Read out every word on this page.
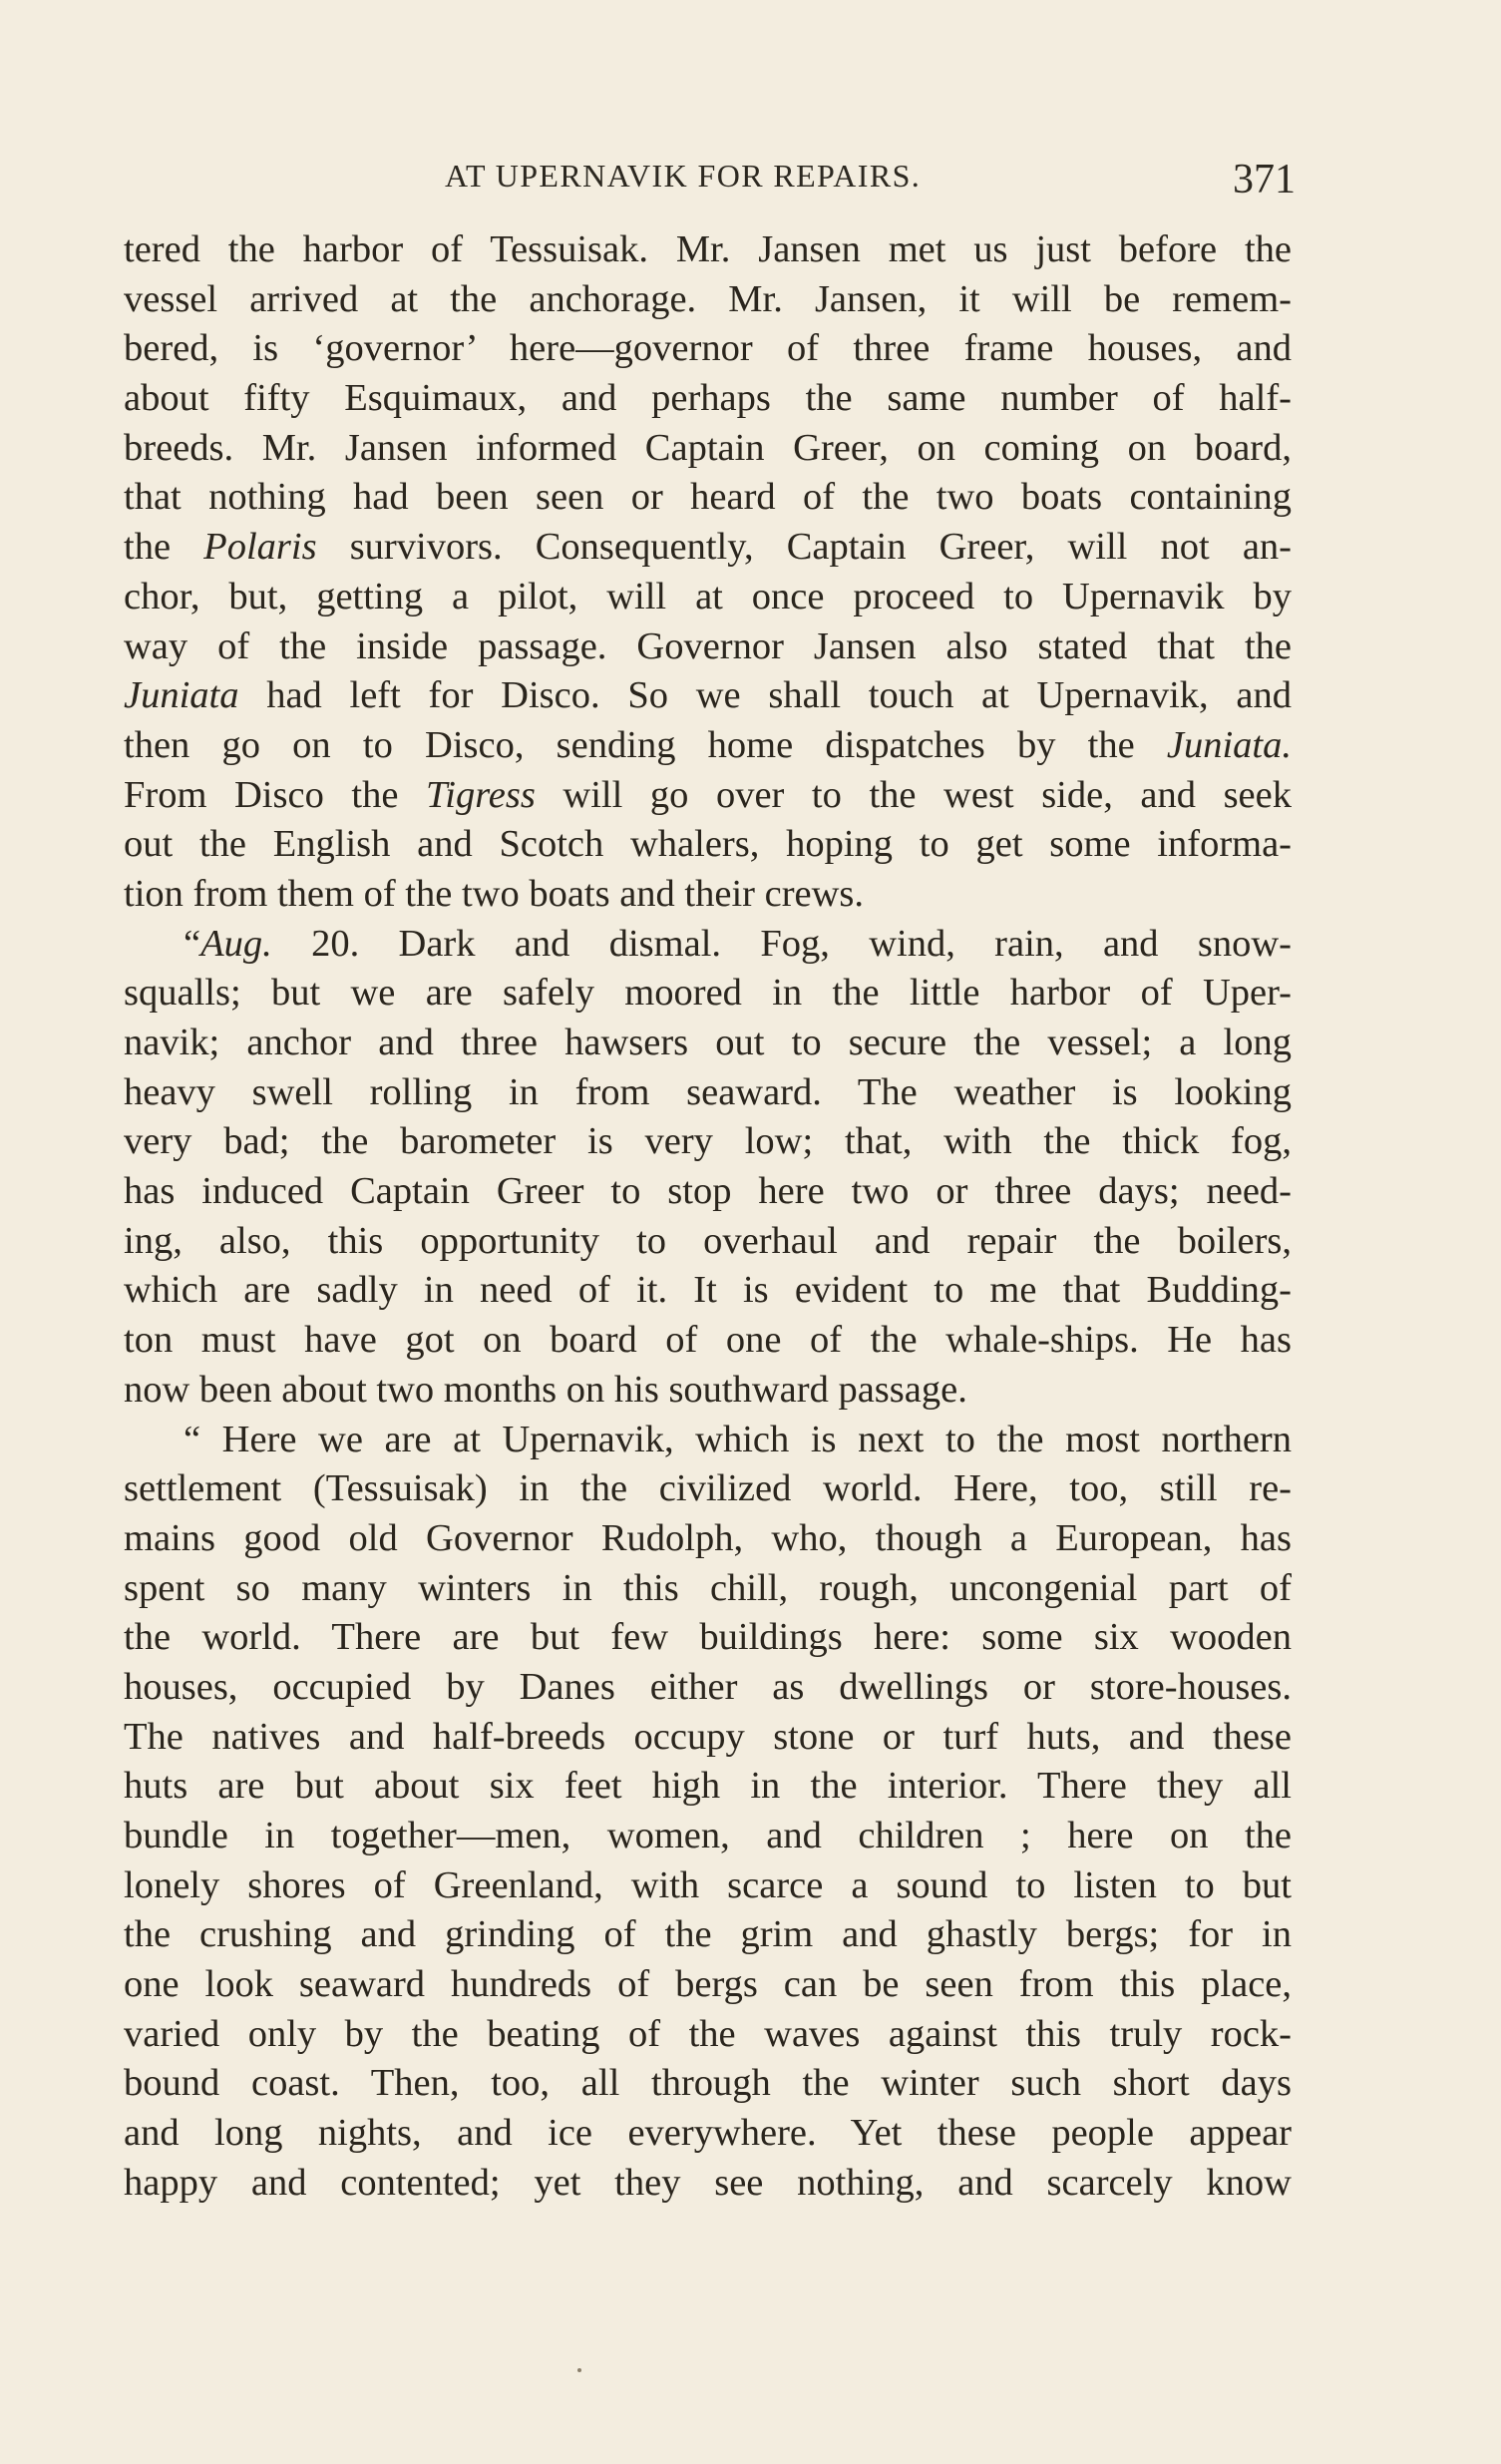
AT UPERNAVIK FOR REPAIRS.	371
tered the harbor of Tessuisak. Mr. Jansen met us just before the
vessel arrived at the anchorage. Mr. Jansen, it will be remem-
bered, is ‘governor’ here—governor of three frame houses, and
about fifty Esquimaux, and perhaps the same number of half-
breeds. Mr. Jansen informed Captain Greer, on coming on board,
that nothing had been seen or heard of the two boats containing
the Polaris survivors. Consequently, Captain Greer, will not an-
chor, but, getting a pilot, will at once proceed to Upernavik by
way of the inside passage. Governor Jansen also stated that the
Juniata had left for Disco. So we shall touch at Upernavik, and
then go on to Disco, sending home dispatches by the Juniata.
From Disco the Tigress will go over to the west side, and seek
out the English and Scotch whalers, hoping to get some informa-
tion from them of the two boats and their crews.
“Aug. 20. Dark and dismal. Fog, wind, rain, and snow-
squalls; but we are safely moored in the little harbor of Uper-
navik; anchor and three hawsers out to secure the vessel; a long
heavy swell rolling in from seaward. The weather is looking
very bad; the barometer is very low; that, with the thick fog,
has induced Captain Greer to stop here two or three days; need-
ing, also, this opportunity to overhaul and repair the boilers,
which are sadly in need of it. It is evident to me that Budding-
ton must have got on board of one of the whale-ships. He has
now been about two months on his southward passage.
“ Here we are at Upernavik, which is next to the most northern
settlement (Tessuisak) in the civilized world. Here, too, still re-
mains good old Governor Rudolph, who, though a European, has
spent so many winters in this chill, rough, uncongenial part of
the world. There are but few buildings here: some six wooden
houses, occupied by Danes either as dwellings or store-houses.
The natives and half-breeds occupy stone or turf huts, and these
huts are but about six feet high in the interior. There they all
bundle in together—men, women, and children ; here on the
lonely shores of Greenland, with scarce a sound to listen to but
the crushing and grinding of the grim and ghastly bergs; for in
one look seaward hundreds of bergs can be seen from this place,
varied only by the beating of the waves against this truly rock-
bound coast. Then, too, all through the winter such short days
and long nights, and ice everywhere. Yet these people appear
happy and contented; yet they see nothing, and scarcely know
